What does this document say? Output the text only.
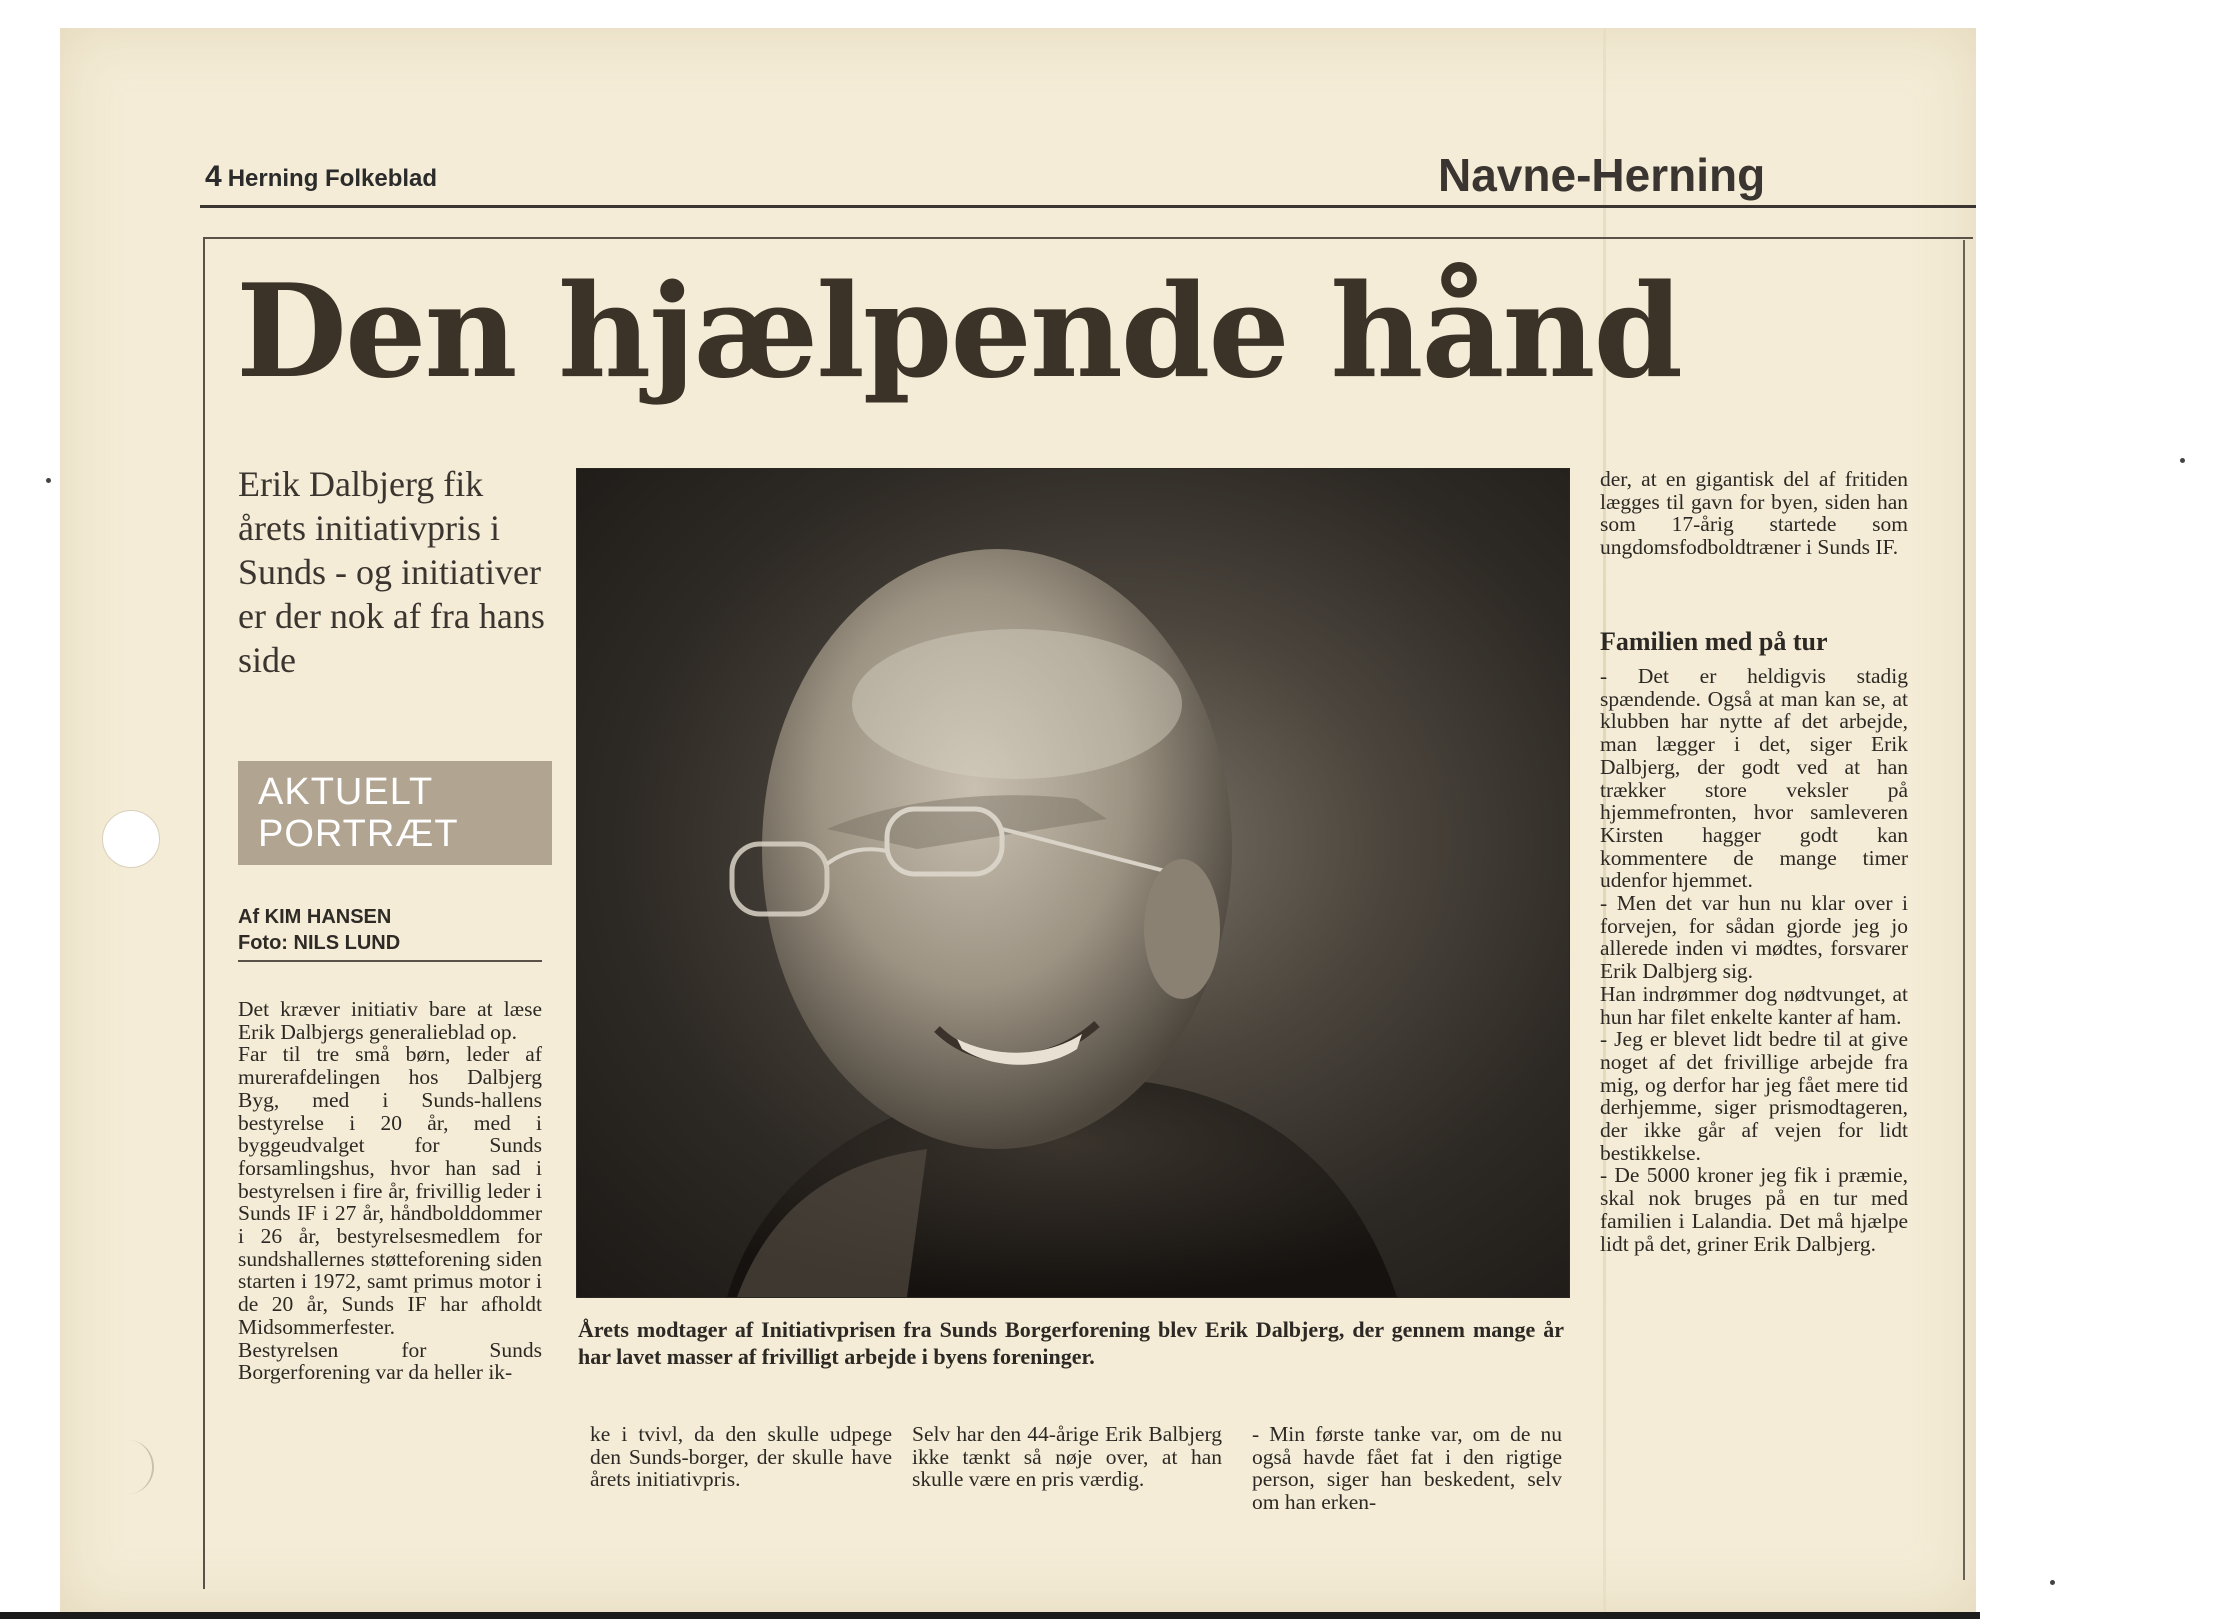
4 Herning Folkeblad	Navne-Herning
Den hjælpende hånd

Erik Dalbjerg fik årets initiativpris i Sunds - og initiativer er der nok af fra hans side

AKTUELT
PORTRÆT
Af KIM HANSEN
Foto: NILS LUND

Årets modtager af Initiativprisen fra Sunds Borgerforening blev Erik Dalbjerg, der gennem mange år har lavet masser af frivilligt arbejde i byens foreninger.

Det kræver initiativ bare at læse Erik Dalbjergs generalieblad op.

Far til tre små børn, leder af murerafdelingen hos Dalbjerg Byg, med i Sunds-hallens bestyrelse i 20 år, med i byggeudvalget for Sunds forsamlingshus, hvor han sad i bestyrelsen i fire år, frivillig leder i Sunds IF i 27 år, håndbolddommer i 26 år, bestyrelsesmedlem for sundshallernes støtteforening siden starten i 1972, samt primus motor i de 20 år, Sunds IF har afholdt Midsommerfester.

Bestyrelsen for Sunds Borgerforening var da heller ik-

ke i tvivl, da den skulle udpege den Sunds-borger, der skulle have årets initiativpris.

Selv har den 44-årige Erik Balbjerg ikke tænkt så nøje over, at han skulle være en pris værdig.

- Min første tanke var, om de nu også havde fået fat i den rigtige person, siger han beskedent, selv om han erken-

der, at en gigantisk del af fritiden lægges til gavn for byen, siden han som 17-årig startede som ungdomsfodboldtræner i Sunds IF.

Familien med på tur

- Det er heldigvis stadig spændende. Også at man kan se, at klubben har nytte af det arbejde, man lægger i det, siger Erik Dalbjerg, der godt ved at han trækker store veksler på hjemmefronten, hvor samleveren Kirsten hagger godt kan kommentere de mange timer udenfor hjemmet.

- Men det var hun nu klar over i forvejen, for sådan gjorde jeg jo allerede inden vi mødtes, forsvarer Erik Dalbjerg sig.

Han indrømmer dog nødtvunget, at hun har filet enkelte kanter af ham.

- Jeg er blevet lidt bedre til at give noget af det frivillige arbejde fra mig, og derfor har jeg fået mere tid derhjemme, siger prismodtageren, der ikke går af vejen for lidt bestikkelse.

- De 5000 kroner jeg fik i præmie, skal nok bruges på en tur med familien i Lalandia. Det må hjælpe lidt på det, griner Erik Dalbjerg.
